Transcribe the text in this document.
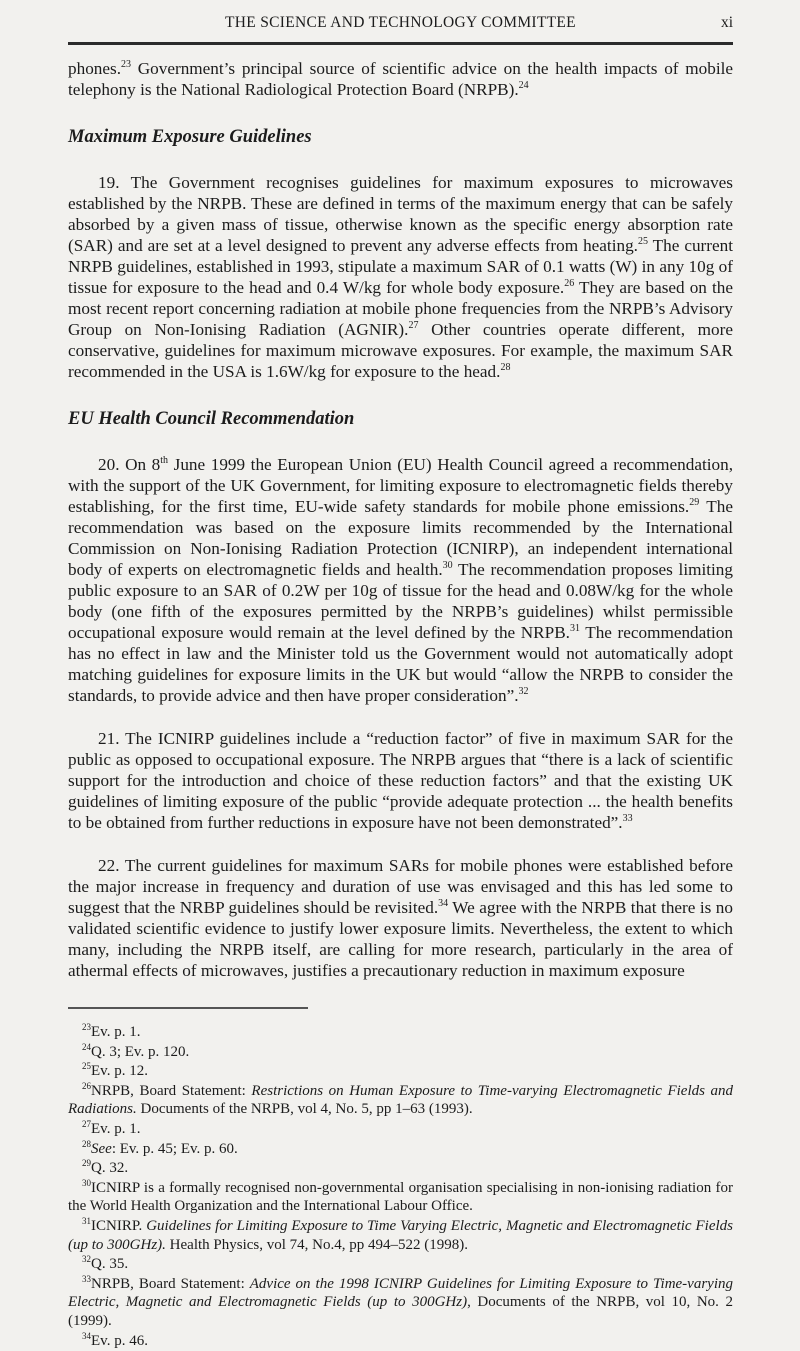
THE SCIENCE AND TECHNOLOGY COMMITTEE	xi

phones.$^{23}$ Government’s principal source of scientific advice on the health impacts of mobile telephony is the National Radiological Protection Board (NRPB).$^{24}$

Maximum Exposure Guidelines

19. The Government recognises guidelines for maximum exposures to microwaves established by the NRPB. These are defined in terms of the maximum energy that can be safely absorbed by a given mass of tissue, otherwise known as the specific energy absorption rate (SAR) and are set at a level designed to prevent any adverse effects from heating.$^{25}$ The current NRPB guidelines, established in 1993, stipulate a maximum SAR of 0.1 watts (W) in any 10g of tissue for exposure to the head and 0.4 W/kg for whole body exposure.$^{26}$ They are based on the most recent report concerning radiation at mobile phone frequencies from the NRPB’s Advisory Group on Non-Ionising Radiation (AGNIR).$^{27}$ Other countries operate different, more conservative, guidelines for maximum microwave exposures. For example, the maximum SAR recommended in the USA is 1.6W/kg for exposure to the head.$^{28}$

EU Health Council Recommendation

20. On 8th June 1999 the European Union (EU) Health Council agreed a recommendation, with the support of the UK Government, for limiting exposure to electromagnetic fields thereby establishing, for the first time, EU-wide safety standards for mobile phone emissions.$^{29}$ The recommendation was based on the exposure limits recommended by the International Commission on Non-Ionising Radiation Protection (ICNIRP), an independent international body of experts on electromagnetic fields and health.$^{30}$ The recommendation proposes limiting public exposure to an SAR of 0.2W per 10g of tissue for the head and 0.08W/kg for the whole body (one fifth of the exposures permitted by the NRPB’s guidelines) whilst permissible occupational exposure would remain at the level defined by the NRPB.$^{31}$ The recommendation has no effect in law and the Minister told us the Government would not automatically adopt matching guidelines for exposure limits in the UK but would “allow the NRPB to consider the standards, to provide advice and then have proper consideration”.$^{32}$

21. The ICNIRP guidelines include a “reduction factor” of five in maximum SAR for the public as opposed to occupational exposure. The NRPB argues that “there is a lack of scientific support for the introduction and choice of these reduction factors” and that the existing UK guidelines of limiting exposure of the public “provide adequate protection ... the health benefits to be obtained from further reductions in exposure have not been demonstrated”.$^{33}$

22. The current guidelines for maximum SARs for mobile phones were established before the major increase in frequency and duration of use was envisaged and this has led some to suggest that the NRBP guidelines should be revisited.$^{34}$ We agree with the NRPB that there is no validated scientific evidence to justify lower exposure limits. Nevertheless, the extent to which many, including the NRPB itself, are calling for more research, particularly in the area of athermal effects of microwaves, justifies a precautionary reduction in maximum exposure

$^{23}$Ev. p. 1.

$^{24}$Q. 3; Ev. p. 120.

$^{25}$Ev. p. 12.

$^{26}$NRPB, Board Statement: Restrictions on Human Exposure to Time-varying Electromagnetic Fields and Radiations. Documents of the NRPB, vol 4, No. 5, pp 1–63 (1993).

$^{27}$Ev. p. 1.

$^{28}$See: Ev. p. 45; Ev. p. 60.

$^{29}$Q. 32.

$^{30}$ICNIRP is a formally recognised non-governmental organisation specialising in non-ionising radiation for the World Health Organization and the International Labour Office.

$^{31}$ICNIRP. Guidelines for Limiting Exposure to Time Varying Electric, Magnetic and Electromagnetic Fields (up to 300GHz). Health Physics, vol 74, No.4, pp 494–522 (1998).

$^{32}$Q. 35.

$^{33}$NRPB, Board Statement: Advice on the 1998 ICNIRP Guidelines for Limiting Exposure to Time-varying Electric, Magnetic and Electromagnetic Fields (up to 300GHz), Documents of the NRPB, vol 10, No. 2 (1999).

$^{34}$Ev. p. 46.
